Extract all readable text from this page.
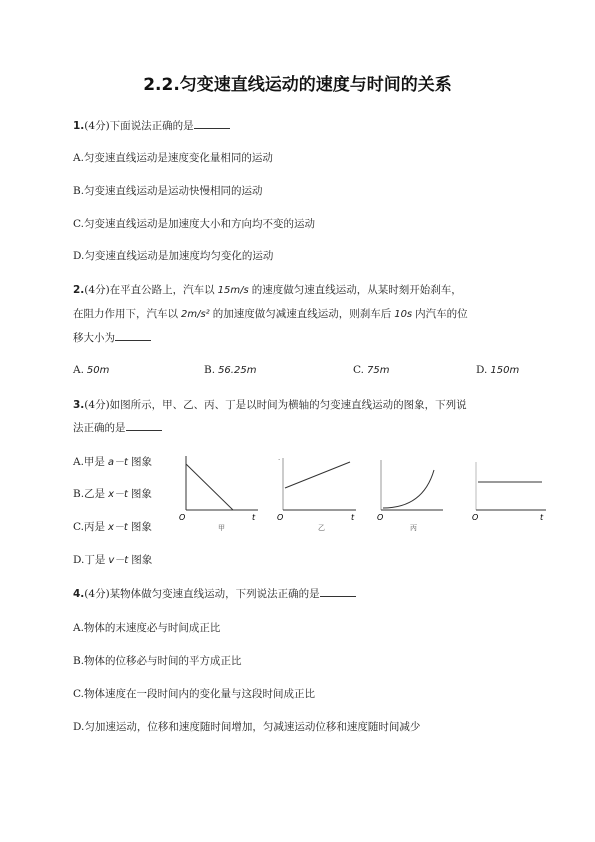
2.2.匀变速直线运动的速度与时间的关系
1.(4分)下面说法正确的是
A.匀变速直线运动是速度变化量相同的运动
B.匀变速直线运动是运动快慢相同的运动
C.匀变速直线运动是加速度大小和方向均不变的运动
D.匀变速直线运动是加速度均匀变化的运动
2.(4分)在平直公路上，汽车以 15m/s 的速度做匀速直线运动，从某时刻开始刹车，
在阻力作用下，汽车以 2m/s² 的加速度做匀减速直线运动，则刹车后 10s 内汽车的位
移大小为
A. 50m	B. 56.25m	C. 75m	D. 150m
3.(4分)如图所示，甲、乙、丙、丁是以时间为横轴的匀变速直线运动的图象，下列说
法正确的是
A.甲是 a－t 图象
B.乙是 x－t 图象
C.丙是 x－t 图象
D.丁是 v－t 图象
O	t
甲
·
O	t
乙
O
丙
O	t
4.(4分)某物体做匀变速直线运动，下列说法正确的是
A.物体的末速度必与时间成正比
B.物体的位移必与时间的平方成正比
C.物体速度在一段时间内的变化量与这段时间成正比
D.匀加速运动，位移和速度随时间增加，匀减速运动位移和速度随时间减少
